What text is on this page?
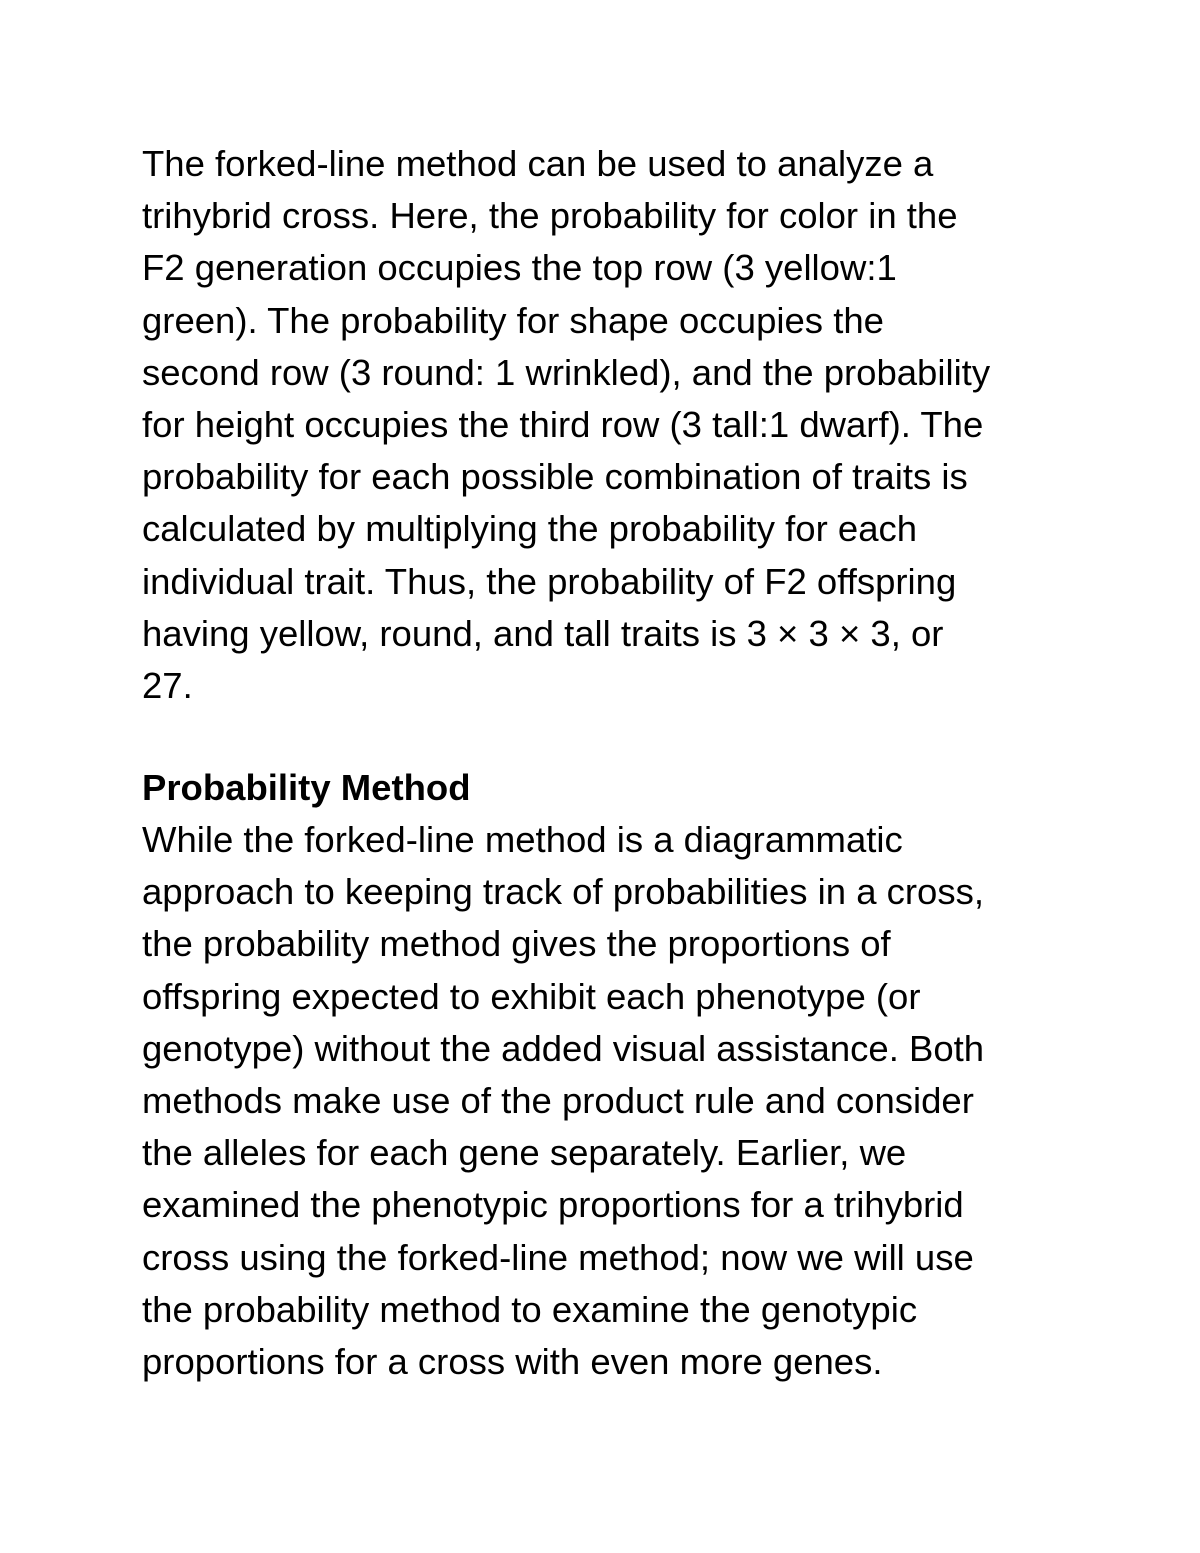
The forked-line method can be used to analyze a
trihybrid cross. Here, the probability for color in the
F2 generation occupies the top row (3 yellow:1
green). The probability for shape occupies the
second row (3 round: 1 wrinkled), and the probability
for height occupies the third row (3 tall:1 dwarf). The
probability for each possible combination of traits is
calculated by multiplying the probability for each
individual trait. Thus, the probability of F2 offspring
having yellow, round, and tall traits is 3 × 3 × 3, or
27.

Probability Method

While the forked-line method is a diagrammatic
approach to keeping track of probabilities in a cross,
the probability method gives the proportions of
offspring expected to exhibit each phenotype (or
genotype) without the added visual assistance. Both
methods make use of the product rule and consider
the alleles for each gene separately. Earlier, we
examined the phenotypic proportions for a trihybrid
cross using the forked-line method; now we will use
the probability method to examine the genotypic
proportions for a cross with even more genes.
